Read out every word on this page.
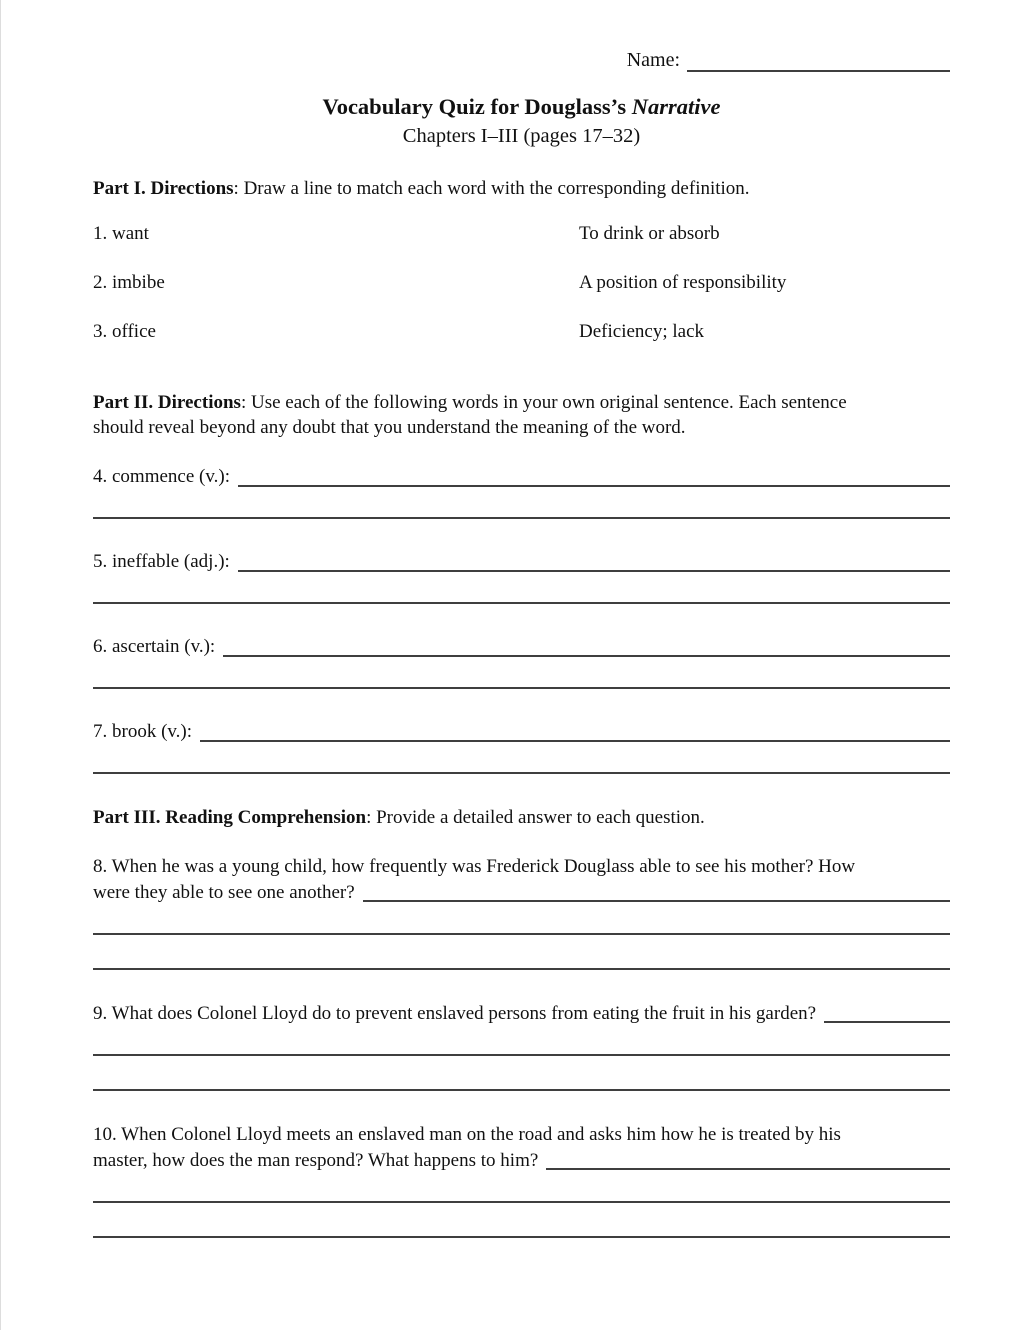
Name:
Vocabulary Quiz for Douglass’s Narrative
Chapters I–III (pages 17–32)

Part I. Directions: Draw a line to match each word with the corresponding definition.

1. want	To drink or absorb
2. imbibe	A position of responsibility
3. office	Deficiency; lack
Part II. Directions: Use each of the following words in your own original sentence. Each sentence
should reveal beyond any doubt that you understand the meaning of the word.
4. commence (v.):
5. ineffable (adj.):
6. ascertain (v.):
7. brook (v.):

Part III. Reading Comprehension: Provide a detailed answer to each question.

8. When he was a young child, how frequently was Frederick Douglass able to see his mother? How
were they able to see one another?
9. What does Colonel Lloyd do to prevent enslaved persons from eating the fruit in his garden?
10. When Colonel Lloyd meets an enslaved man on the road and asks him how he is treated by his
master, how does the man respond? What happens to him?
